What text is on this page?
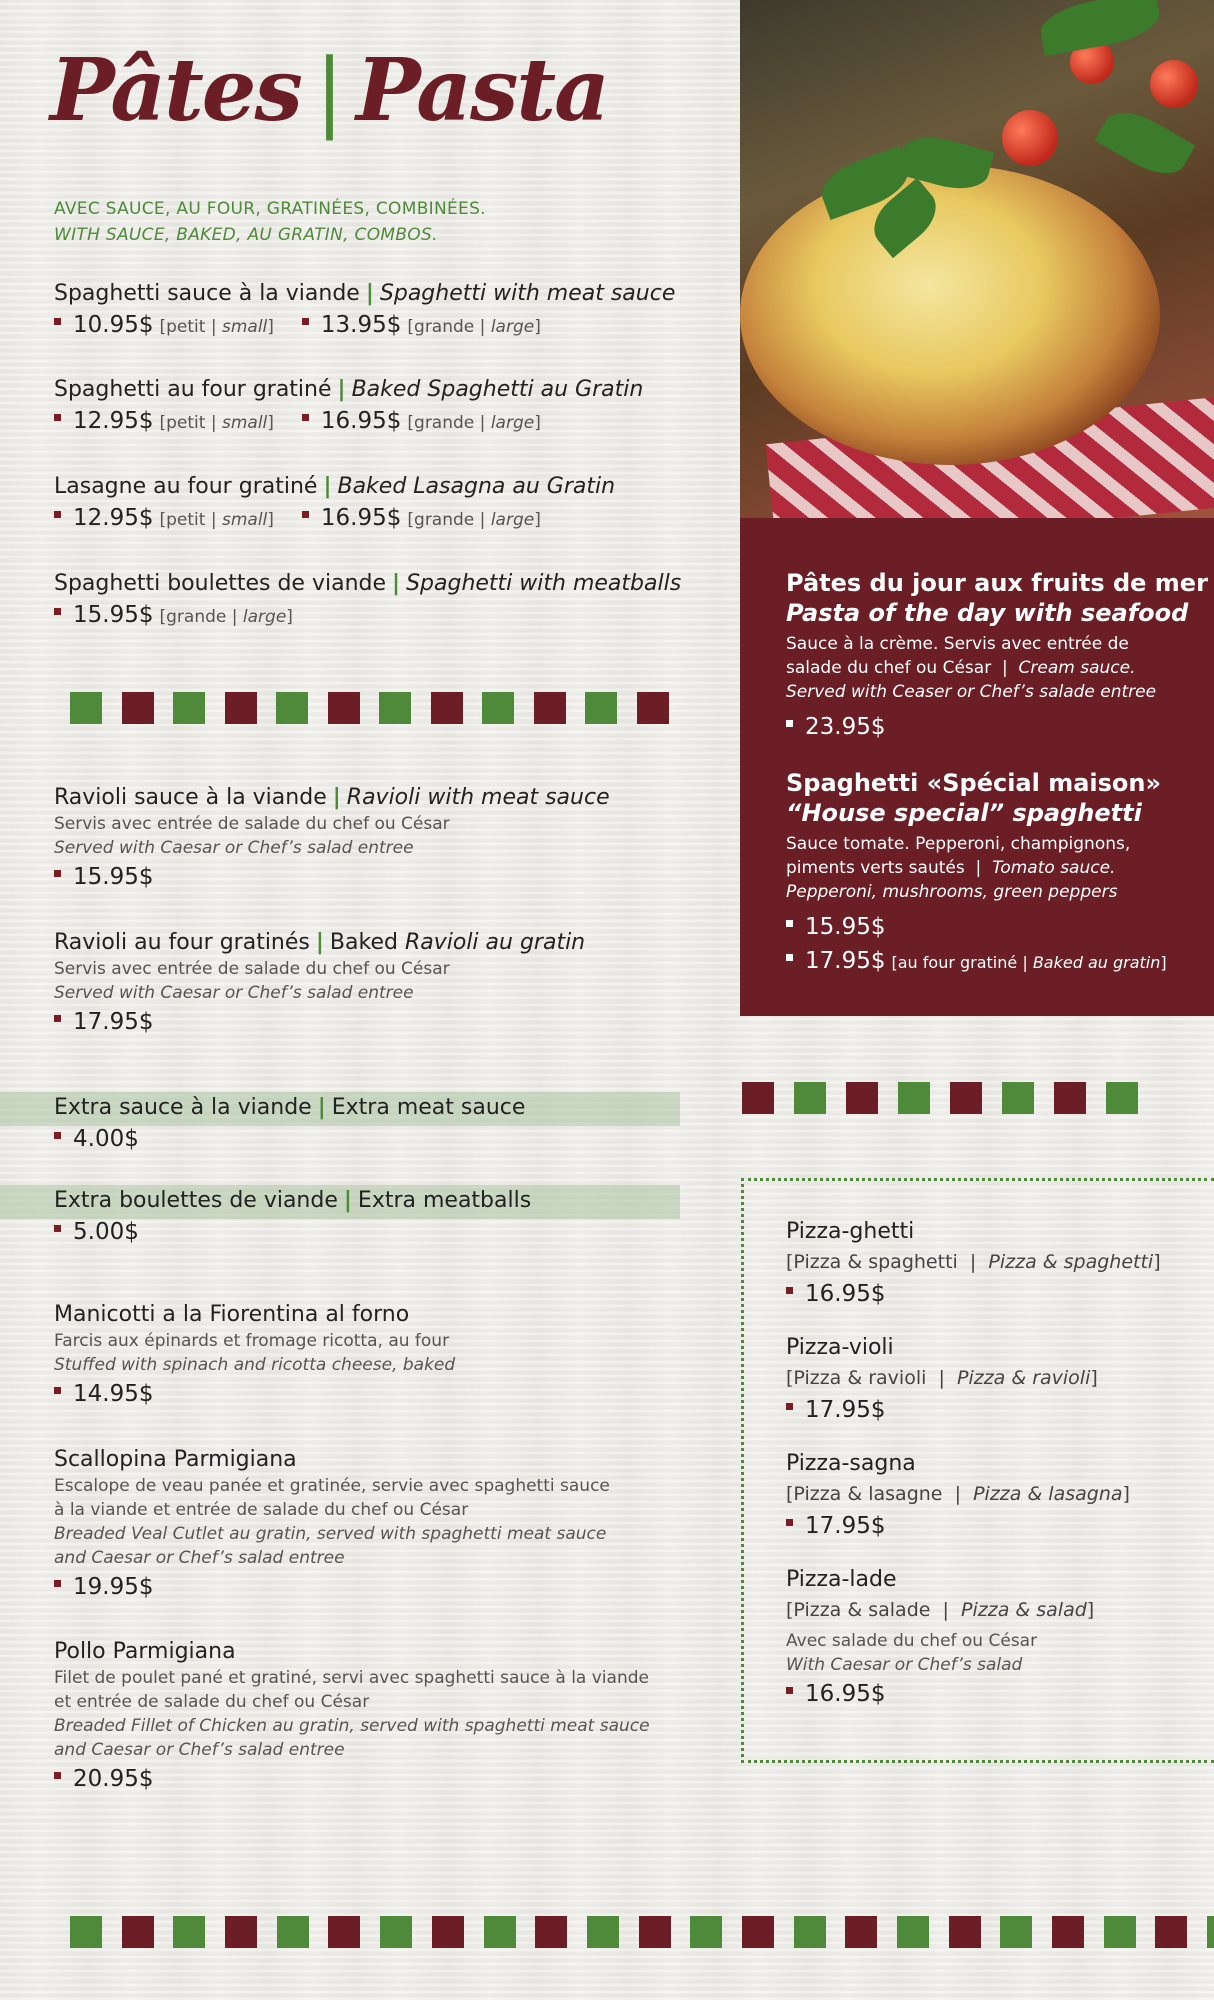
Pâtes | Pasta
AVEC SAUCE, AU FOUR, GRATINÉES, COMBINÉES.
WITH SAUCE, BAKED, AU GRATIN, COMBOS.
Spaghetti sauce à la viande | Spaghetti with meat sauce
10.95$ [petit | small] 13.95$ [grande | large]
Spaghetti au four gratiné | Baked Spaghetti au Gratin
12.95$ [petit | small] 16.95$ [grande | large]
Lasagne au four gratiné | Baked Lasagna au Gratin
12.95$ [petit | small] 16.95$ [grande | large]
Spaghetti boulettes de viande | Spaghetti with meatballs
15.95$ [grande | large]
Ravioli sauce à la viande | Ravioli with meat sauce
Servis avec entrée de salade du chef ou César
Served with Caesar or Chef’s salad entree
15.95$
Ravioli au four gratinés | Baked Ravioli au gratin
Servis avec entrée de salade du chef ou César
Served with Caesar or Chef’s salad entree
17.95$
Extra sauce à la viande | Extra meat sauce
4.00$
Extra boulettes de viande | Extra meatballs
5.00$
Manicotti a la Fiorentina al forno
Farcis aux épinards et fromage ricotta, au four
Stuffed with spinach and ricotta cheese, baked
14.95$
Scallopina Parmigiana
Escalope de veau panée et gratinée, servie avec spaghetti sauce
à la viande et entrée de salade du chef ou César
Breaded Veal Cutlet au gratin, served with spaghetti meat sauce
and Caesar or Chef’s salad entree
19.95$
Pollo Parmigiana
Filet de poulet pané et gratiné, servi avec spaghetti sauce à la viande
et entrée de salade du chef ou César
Breaded Fillet of Chicken au gratin, served with spaghetti meat sauce
and Caesar or Chef’s salad entree
20.95$
Pâtes du jour aux fruits de mer
Pasta of the day with seafood
Sauce à la crème. Servis avec entrée de
salade du chef ou César | Cream sauce.
Served with Ceaser or Chef’s salade entree
23.95$
Spaghetti «Spécial maison»
“House special” spaghetti
Sauce tomate. Pepperoni, champignons,
piments verts sautés | Tomato sauce.
Pepperoni, mushrooms, green peppers
15.95$
17.95$ [au four gratiné | Baked au gratin]
Pizza-ghetti
[Pizza & spaghetti | Pizza & spaghetti]
16.95$
Pizza-violi
[Pizza & ravioli | Pizza & ravioli]
17.95$
Pizza-sagna
[Pizza & lasagne | Pizza & lasagna]
17.95$
Pizza-lade
[Pizza & salade | Pizza & salad]
Avec salade du chef ou César
With Caesar or Chef’s salad
16.95$
